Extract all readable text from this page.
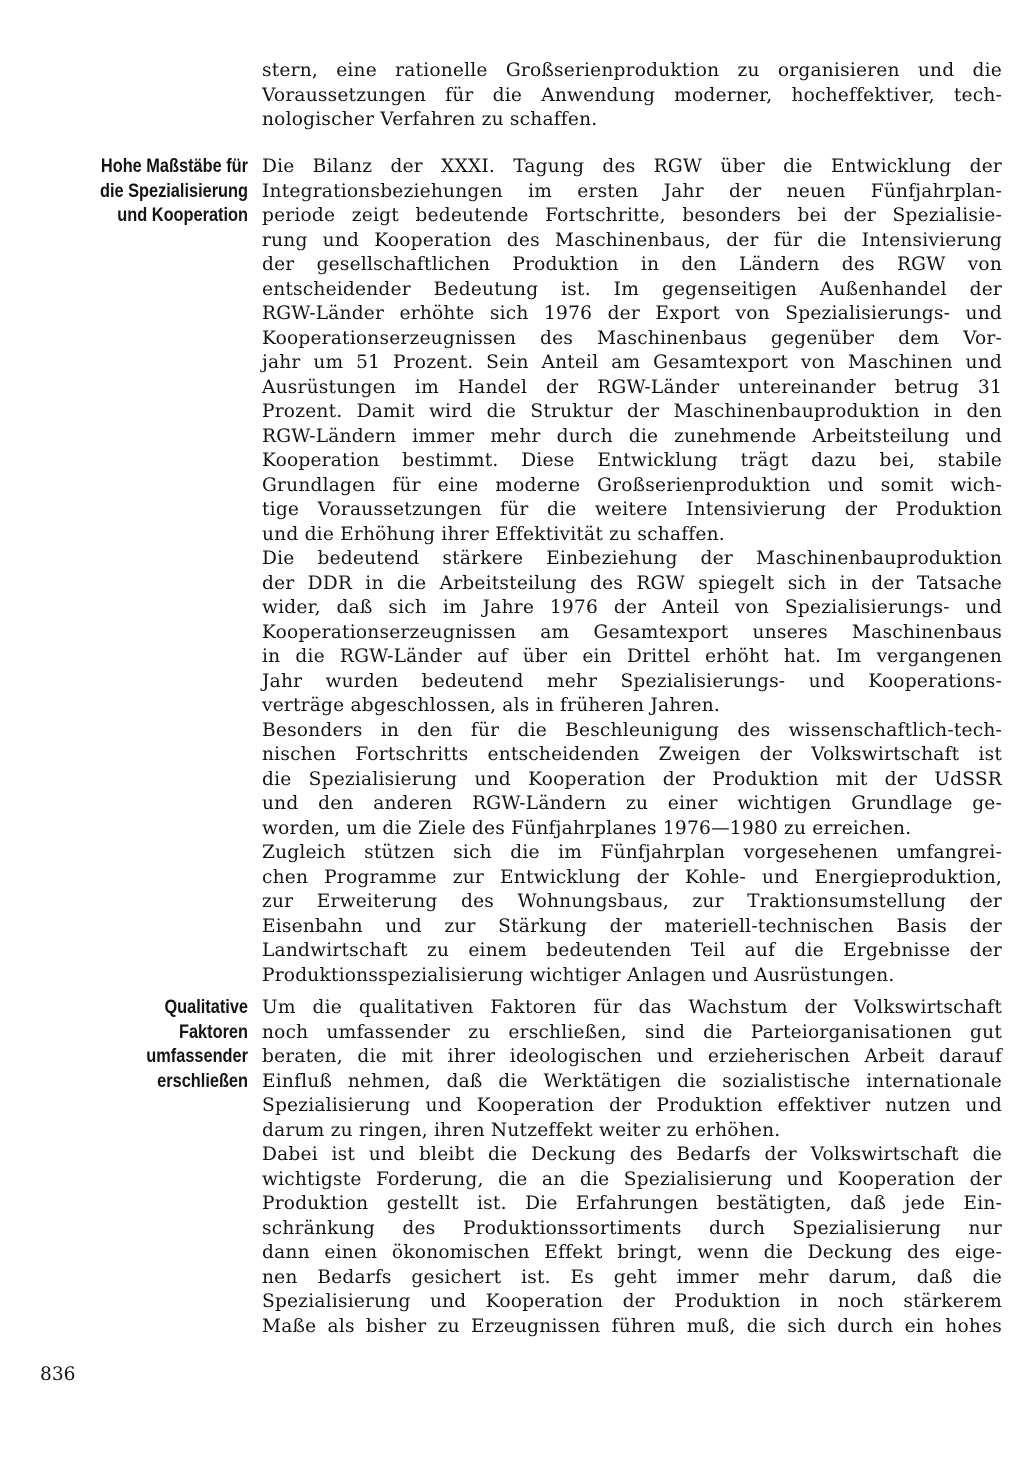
stern, eine rationelle Großserienproduktion zu organisieren und die
Voraussetzungen für die Anwendung moderner, hocheffektiver, tech-
nologischer Verfahren zu schaffen.
Hohe Maßstäbe für
die Spezialisierung
und Kooperation
Die Bilanz der XXXI. Tagung des RGW über die Entwicklung der
Integrationsbeziehungen im ersten Jahr der neuen Fünfjahrplan-
periode zeigt bedeutende Fortschritte, besonders bei der Spezialisie-
rung und Kooperation des Maschinenbaus, der für die Intensivierung
der gesellschaftlichen Produktion in den Ländern des RGW von
entscheidender Bedeutung ist. Im gegenseitigen Außenhandel der
RGW-Länder erhöhte sich 1976 der Export von Spezialisierungs- und
Kooperationserzeugnissen des Maschinenbaus gegenüber dem Vor-
jahr um 51 Prozent. Sein Anteil am Gesamtexport von Maschinen und
Ausrüstungen im Handel der RGW-Länder untereinander betrug 31
Prozent. Damit wird die Struktur der Maschinenbauproduktion in den
RGW-Ländern immer mehr durch die zunehmende Arbeitsteilung und
Kooperation bestimmt. Diese Entwicklung trägt dazu bei, stabile
Grundlagen für eine moderne Großserienproduktion und somit wich-
tige Voraussetzungen für die weitere Intensivierung der Produktion
und die Erhöhung ihrer Effektivität zu schaffen.
Die bedeutend stärkere Einbeziehung der Maschinenbauproduktion
der DDR in die Arbeitsteilung des RGW spiegelt sich in der Tatsache
wider, daß sich im Jahre 1976 der Anteil von Spezialisierungs- und
Kooperationserzeugnissen am Gesamtexport unseres Maschinenbaus
in die RGW-Länder auf über ein Drittel erhöht hat. Im vergangenen
Jahr wurden bedeutend mehr Spezialisierungs- und Kooperations-
verträge abgeschlossen, als in früheren Jahren.
Besonders in den für die Beschleunigung des wissenschaftlich-tech-
nischen Fortschritts entscheidenden Zweigen der Volkswirtschaft ist
die Spezialisierung und Kooperation der Produktion mit der UdSSR
und den anderen RGW-Ländern zu einer wichtigen Grundlage ge-
worden, um die Ziele des Fünfjahrplanes 1976—1980 zu erreichen.
Zugleich stützen sich die im Fünfjahrplan vorgesehenen umfangrei-
chen Programme zur Entwicklung der Kohle- und Energieproduktion,
zur Erweiterung des Wohnungsbaus, zur Traktionsumstellung der
Eisenbahn und zur Stärkung der materiell-technischen Basis der
Landwirtschaft zu einem bedeutenden Teil auf die Ergebnisse der
Produktionsspezialisierung wichtiger Anlagen und Ausrüstungen.
Qualitative
Faktoren
umfassender
erschließen
Um die qualitativen Faktoren für das Wachstum der Volkswirtschaft
noch umfassender zu erschließen, sind die Parteiorganisationen gut
beraten, die mit ihrer ideologischen und erzieherischen Arbeit darauf
Einfluß nehmen, daß die Werktätigen die sozialistische internationale
Spezialisierung und Kooperation der Produktion effektiver nutzen und
darum zu ringen, ihren Nutzeffekt weiter zu erhöhen.
Dabei ist und bleibt die Deckung des Bedarfs der Volkswirtschaft die
wichtigste Forderung, die an die Spezialisierung und Kooperation der
Produktion gestellt ist. Die Erfahrungen bestätigten, daß jede Ein-
schränkung des Produktionssortiments durch Spezialisierung nur
dann einen ökonomischen Effekt bringt, wenn die Deckung des eige-
nen Bedarfs gesichert ist. Es geht immer mehr darum, daß die
Spezialisierung und Kooperation der Produktion in noch stärkerem
Maße als bisher zu Erzeugnissen führen muß, die sich durch ein hohes
836
